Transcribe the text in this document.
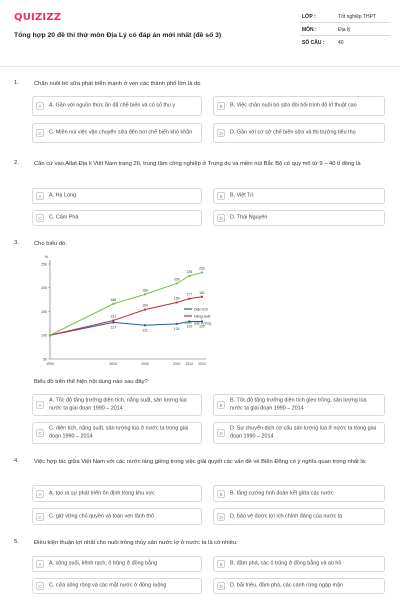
QUIZIZZ
Tổng hợp 20 đề thi thử môn Địa Lý có đáp án mới nhất (đề số 3)
LỚP :	Tốt nghiệp THPT
MÔN :	Địa lý
SỐ CÂU :	40
1.	Chăn nuôi bò sữa phát triển mạnh ở ven các thành phố lớn là do
A	A. Gần với nguồn thức ăn đã chế biến và có số thu y	B	B. Việc chăn nuôi bò sữa đòi hỏi trình độ kĩ thuật cao
C	C. Miền núi việc vận chuyển sữa đến nơi chế biến khó khăn	D	D. Gần với cơ sở chế biến sữa và thị trường tiêu thụ
2.	Căn cứ vào Atlat Địa lí Việt Nam trang 26, trung tâm công nghiệp ở Trung du và miền núi Bắc Bộ có quy mô từ 9 – 40 tỉ đồng là
A	A. Hạ Long	B	B. Việt Trì
C	C. Cẩm Phả	D	D. Thái Nguyên
3.	Cho biểu đồ:
%
50
100
150
200
250
1990	2000	2005	2010 2012 2014
127
121	124
129 129
Diện tích
131
154
169
177 181
Năng suất
166
186
209
225
232
Sản lượng
Biểu đồ trên thể hiện nội dung nào sau đây?
A
A. Tốc độ tăng trưởng diện tích, năng suất, sản lượng lúa nước ta giai đoạn 1990 – 2014	B
B. Tốc độ tăng trưởng diện tích gieo trồng, sản lượng lúa nước ta giai đoạn 1990 – 2014
C
C. diện tích, năng suất, sản lượng lúa ở nước ta trong giai đoạn 1990 – 2014	D
D. Sự chuyển dịch cơ cấu sản lượng lúa ở nước ta trong giai đoạn 1990 – 2014
4.	Việc hợp tác giữa Việt Nam với các nước láng giềng trong việc giải quyết các vấn đề về Biển Đông có ý nghĩa quan trọng nhất là:
A	A. tạo ra sự phát triển ổn định trong khu vực	B	B. tăng cường tình đoàn kết giữa các nước
C	C. giữ vững chủ quyền và toàn vẹn lãnh thổ	D	D. bảo vệ được lợi ích chính đáng của nước ta
5.	Điều kiện thuận lợi nhất cho nuôi trồng thủy sản nước lợ ở nước ta là có nhiều:
A	A. sông suối, kênh rạch, ô trũng ở đồng bằng	B	B. đầm phá, các ô trũng ở đồng bằng và ao hồ
C	C. cửa sông rộng và các mặt nước ở đồng ruộng	D	D. bãi triều, đầm phá, các cánh rừng ngập mặn
